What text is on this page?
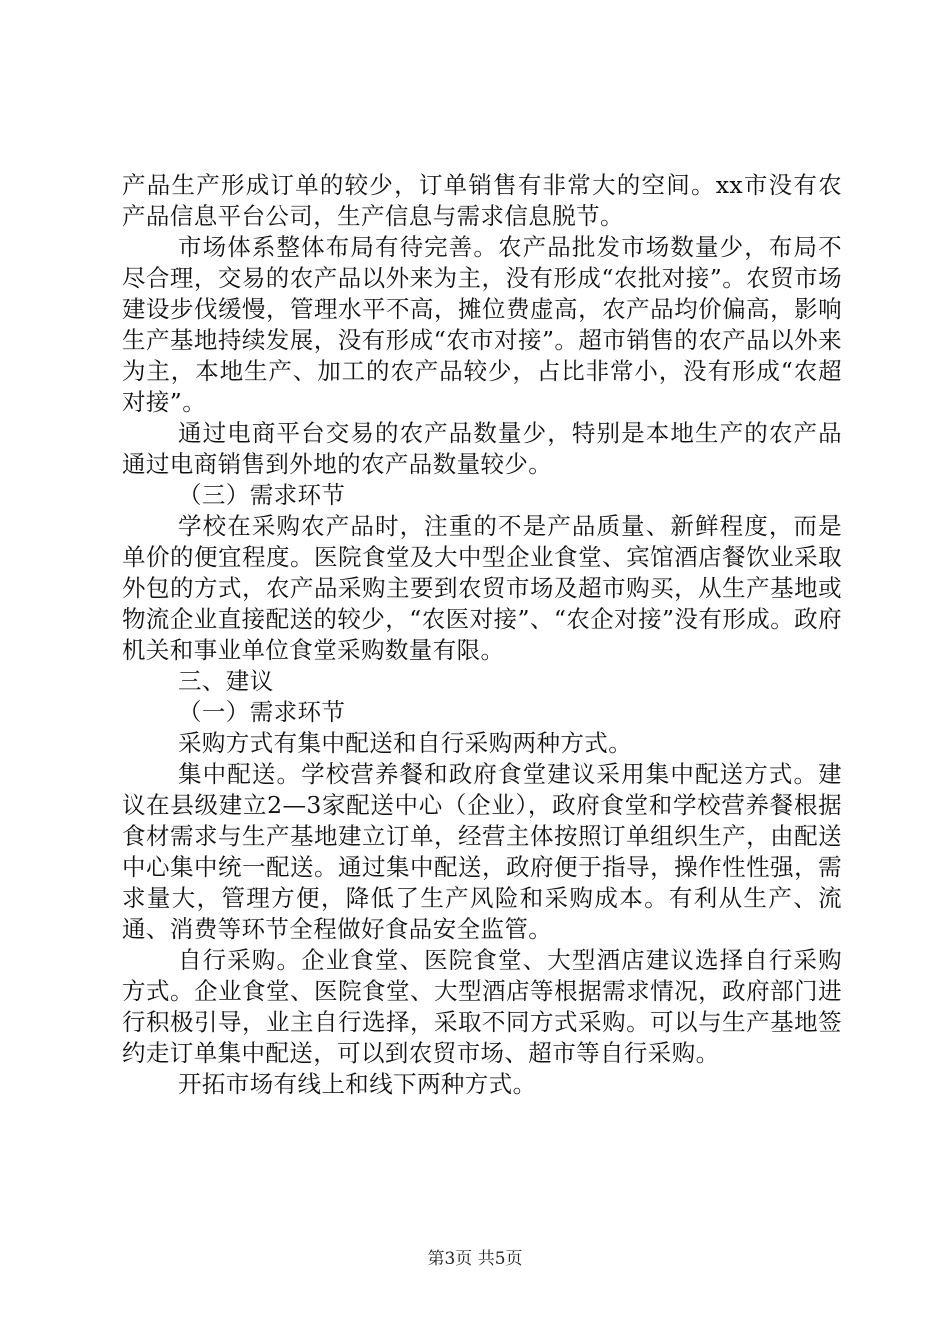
产品生产形成订单的较少，订单销售有非常大的空间。xx市没有农产品信息平台公司，生产信息与需求信息脱节。

市场体系整体布局有待完善。农产品批发市场数量少，布局不尽合理，交易的农产品以外来为主，没有形成“农批对接”。农贸市场建设步伐缓慢，管理水平不高，摊位费虚高，农产品均价偏高，影响生产基地持续发展，没有形成“农市对接”。超市销售的农产品以外来为主，本地生产、加工的农产品较少，占比非常小，没有形成“农超对接”。

通过电商平台交易的农产品数量少，特别是本地生产的农产品通过电商销售到外地的农产品数量较少。

（三）需求环节

学校在采购农产品时，注重的不是产品质量、新鲜程度，而是单价的便宜程度。医院食堂及大中型企业食堂、宾馆酒店餐饮业采取外包的方式，农产品采购主要到农贸市场及超市购买，从生产基地或物流企业直接配送的较少，“农医对接”、“农企对接”没有形成。政府机关和事业单位食堂采购数量有限。

三、建议

（一）需求环节

采购方式有集中配送和自行采购两种方式。

集中配送。学校营养餐和政府食堂建议采用集中配送方式。建议在县级建立2—3家配送中心（企业），政府食堂和学校营养餐根据食材需求与生产基地建立订单，经营主体按照订单组织生产，由配送中心集中统一配送。通过集中配送，政府便于指导，操作性性强，需求量大，管理方便，降低了生产风险和采购成本。有利从生产、流通、消费等环节全程做好食品安全监管。

自行采购。企业食堂、医院食堂、大型酒店建议选择自行采购方式。企业食堂、医院食堂、大型酒店等根据需求情况，政府部门进行积极引导，业主自行选择，采取不同方式采购。可以与生产基地签约走订单集中配送，可以到农贸市场、超市等自行采购。

开拓市场有线上和线下两种方式。

第3页 共5页
